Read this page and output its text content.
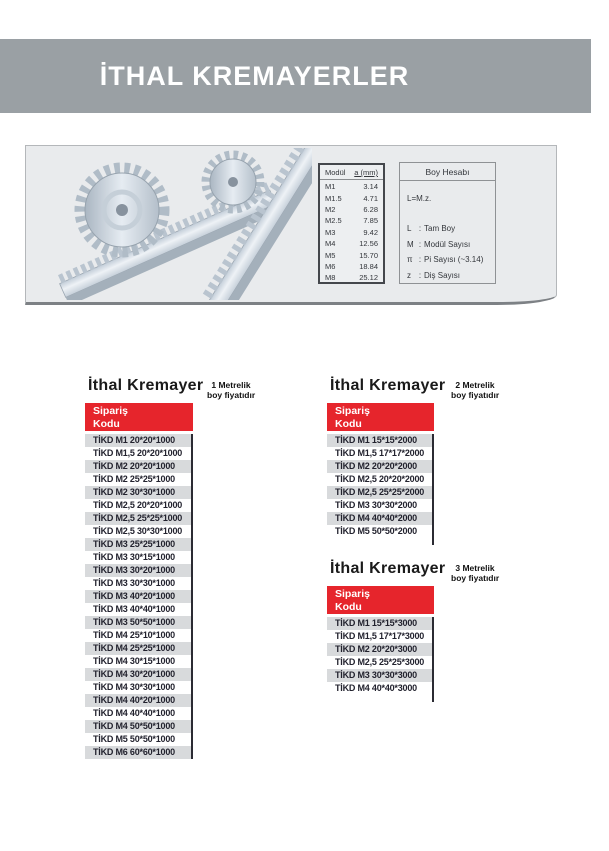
İTHAL KREMAYERLER
Modül a (mm)
M1	3.14
M1.5	4.71
M2	6.28
M2.5	7.85
M3	9.42
M4	12.56
M5	15.70
M6	18.84
M8	25.12
Boy Hesabı
L=M.z.
L : Tam Boy
M : Modül Sayısı
π : Pi Sayısı (~3.14)
z : Diş Sayısı
İthal Kremayer
Sipariş
Kodu
TİKD M1 20*20*1000
TİKD M1,5 20*20*1000
TİKD M2 20*20*1000
TİKD M2 25*25*1000
TİKD M2 30*30*1000
TİKD M2,5 20*20*1000
TİKD M2,5 25*25*1000
TİKD M2,5 30*30*1000
TİKD M3 25*25*1000
TİKD M3 30*15*1000
TİKD M3 30*20*1000
TİKD M3 30*30*1000
TİKD M3 40*20*1000
TİKD M3 40*40*1000
TİKD M3 50*50*1000
TİKD M4 25*10*1000
TİKD M4 25*25*1000
TİKD M4 30*15*1000
TİKD M4 30*20*1000
TİKD M4 30*30*1000
TİKD M4 40*20*1000
TİKD M4 40*40*1000
TİKD M4 50*50*1000
TİKD M5 50*50*1000
TİKD M6 60*60*1000
1 Metrelik
boy fiyatıdır
İthal Kremayer
Sipariş
Kodu
TİKD M1 15*15*2000
TİKD M1,5 17*17*2000
TİKD M2 20*20*2000
TİKD M2,5 20*20*2000
TİKD M2,5 25*25*2000
TİKD M3 30*30*2000
TİKD M4 40*40*2000
TİKD M5 50*50*2000
2 Metrelik
boy fiyatıdır
İthal Kremayer
Sipariş
Kodu
TİKD M1 15*15*3000
TİKD M1,5 17*17*3000
TİKD M2 20*20*3000
TİKD M2,5 25*25*3000
TİKD M3 30*30*3000
TİKD M4 40*40*3000
3 Metrelik
boy fiyatıdır
